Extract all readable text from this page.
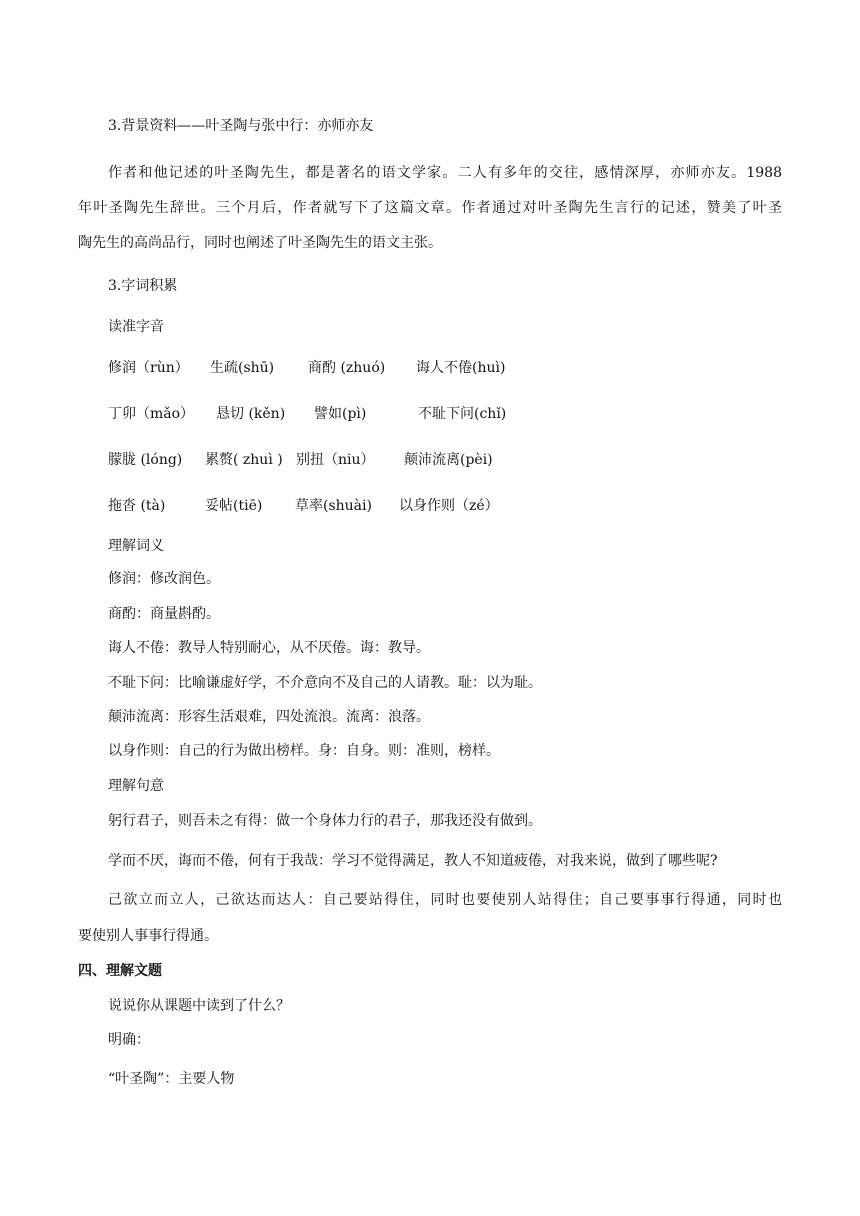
3.背景资料——叶圣陶与张中行：亦师亦友
作者和他记述的叶圣陶先生，都是著名的语文学家。二人有多年的交往，感情深厚，亦师亦友。1988
年叶圣陶先生辞世。三个月后，作者就写下了这篇文章。作者通过对叶圣陶先生言行的记述，赞美了叶圣
陶先生的高尚品行，同时也阐述了叶圣陶先生的语文主张。
3.字词积累
读准字音
修润（rùn） 生疏(shū) 商酌 (zhuó) 诲人不倦(huì)
丁卯（mǎo） 恳切 (kěn) 譬如(pì)	不耻下问(chǐ)
朦胧 (lóng) 累赘( zhuì ) 别扭（niu） 颠沛流离(pèi)
拖沓 (tà)	妥帖(tiē) 草率(shuài) 以身作则（zé）
理解词义
修润：修改润色。
商酌：商量斟酌。
诲人不倦：教导人特别耐心，从不厌倦。诲：教导。
不耻下问：比喻谦虚好学，不介意向不及自己的人请教。耻：以为耻。
颠沛流离：形容生活艰难，四处流浪。流离：浪落。
以身作则：自己的行为做出榜样。身：自身。则：准则，榜样。
理解句意
躬行君子，则吾未之有得：做一个身体力行的君子，那我还没有做到。
学而不厌，诲而不倦，何有于我哉：学习不觉得满足，教人不知道疲倦，对我来说，做到了哪些呢?
己欲立而立人，己欲达而达人：自己要站得住，同时也要使别人站得住；自己要事事行得通，同时也
要使别人事事行得通。
四、理解文题
说说你从课题中读到了什么？
明确：
“叶圣陶”：主要人物
